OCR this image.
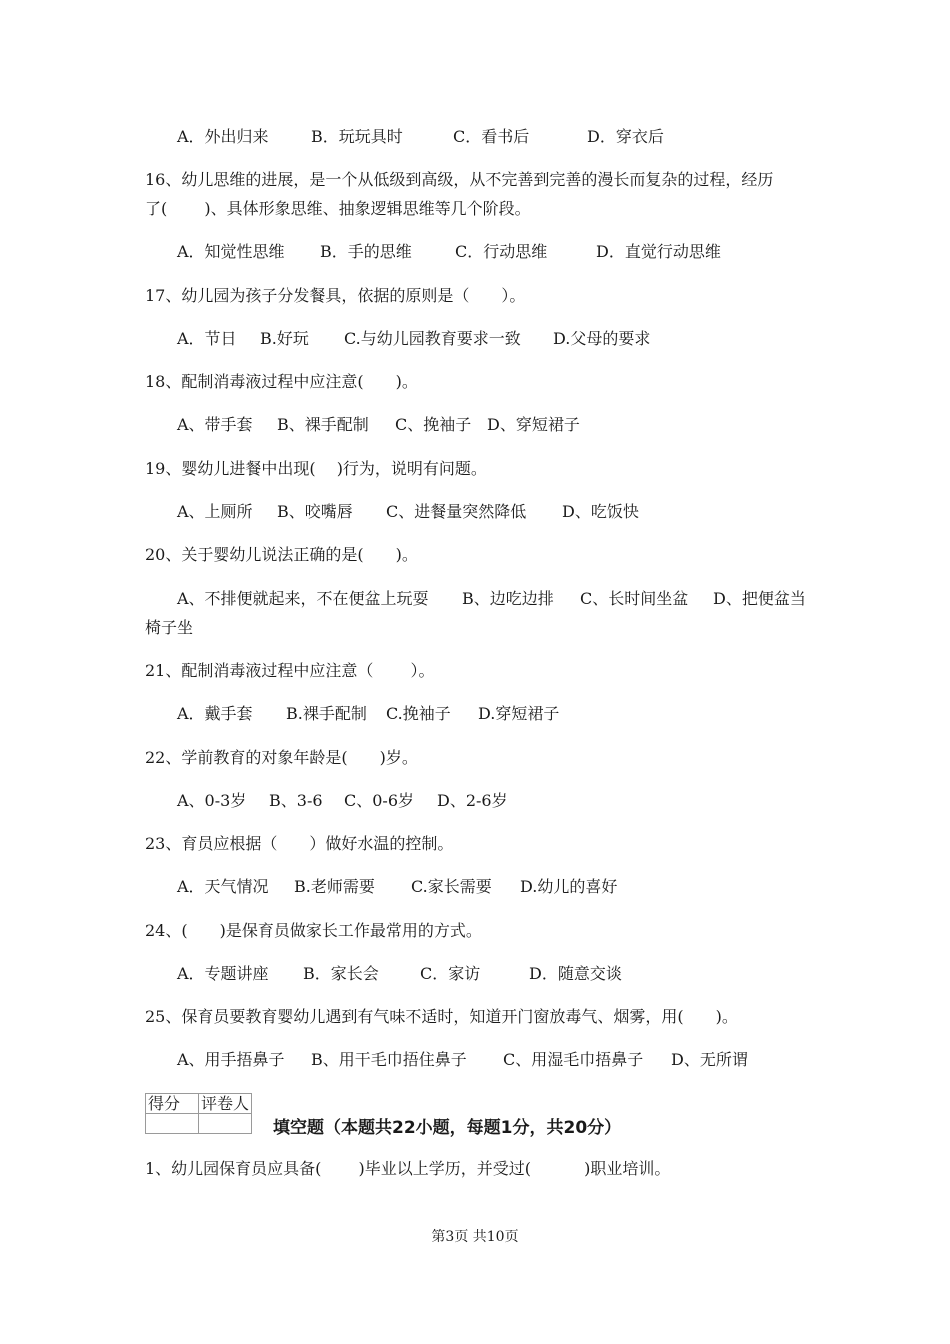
A．外出归来	B．玩玩具时	C．看书后	D．穿衣后
16、幼儿思维的进展，是一个从低级到高级，从不完善到完善的漫长而复杂的过程，经历
了(　　 )、具体形象思维、抽象逻辑思维等几个阶段。
A．知觉性思维 B．手的思维	C．行动思维	D．直觉行动思维
17、幼儿园为孩子分发餐具，依据的原则是（　　）。
A．节日 B.好玩 C.与幼儿园教育要求一致 D.父母的要求
18、配制消毒液过程中应注意(　　)。
A、带手套 B、裸手配制 C、挽袖子 D、穿短裙子
19、婴幼儿进餐中出现(　 )行为，说明有问题。
A、上厕所 B、咬嘴唇 C、进餐量突然降低 D、吃饭快
20、关于婴幼儿说法正确的是(　　)。
A、不排便就起来，不在便盆上玩耍 B、边吃边排 C、长时间坐盆 D、把便盆当
椅子坐
21、配制消毒液过程中应注意（　　 ）。
A．戴手套 B.裸手配制 C.挽袖子 D.穿短裙子
22、学前教育的对象年龄是(　　)岁。
A、0-3岁 B、3-6 C、0-6岁 D、2-6岁
23、育员应根据（　　）做好水温的控制。
A．天气情况 B.老师需要 C.家长需要 D.幼儿的喜好
24、(　　)是保育员做家长工作最常用的方式。
A．专题讲座 B．家长会	C．家访	D．随意交谈
25、保育员要教育婴幼儿遇到有气味不适时，知道开门窗放毒气、烟雾，用(　　)。
A、用手捂鼻子 B、用干毛巾捂住鼻子 C、用湿毛巾捂鼻子 D、无所谓
得分	评卷人

填空题（本题共22小题，每题1分，共20分）
1、幼儿园保育员应具备(　　 )毕业以上学历，并受过(　　　 )职业培训。
第3页 共10页
